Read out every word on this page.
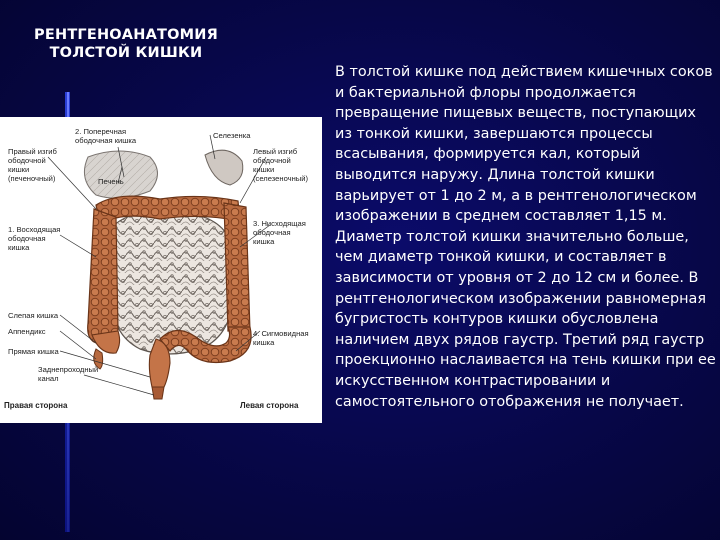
РЕНТГЕНОАНАТОМИЯ
ТОЛСТОЙ КИШКИ
2. Поперечная
ободочная кишка
Селезенка
Правый изгиб
ободочной
кишки
(печеночный)	Печень
Левый изгиб
ободочной
кишки
(селезеночный)
1. Восходящая
ободочная
кишка
3. Нисходящая
ободочная
кишка
Слепая кишка
Аппендикс
Прямая кишка
Заднепроходный
канал
4. Сигмовидная
кишка
Правая сторона	Левая сторона
В толстой кишке под действием кишечных соков и бактериальной флоры продолжается превращение пищевых веществ, поступающих из тонкой кишки, завершаются процессы всасывания, формируется кал, который выводится наружу. Длина толстой кишки варьирует от 1 до 2 м, а в рентгенологическом изображении в среднем составляет 1,15 м. Диаметр толстой кишки значительно больше, чем диаметр тонкой кишки, и составляет в зависимости от уровня от 2 до 12 см и более. В рентгенологическом изображении равномерная бугристость контуров кишки обусловлена наличием двух рядов гаустр. Третий ряд гаустр проекционно наслаивается на тень кишки при ее искусственном контрастировании и самостоятельного отображения не получает.
